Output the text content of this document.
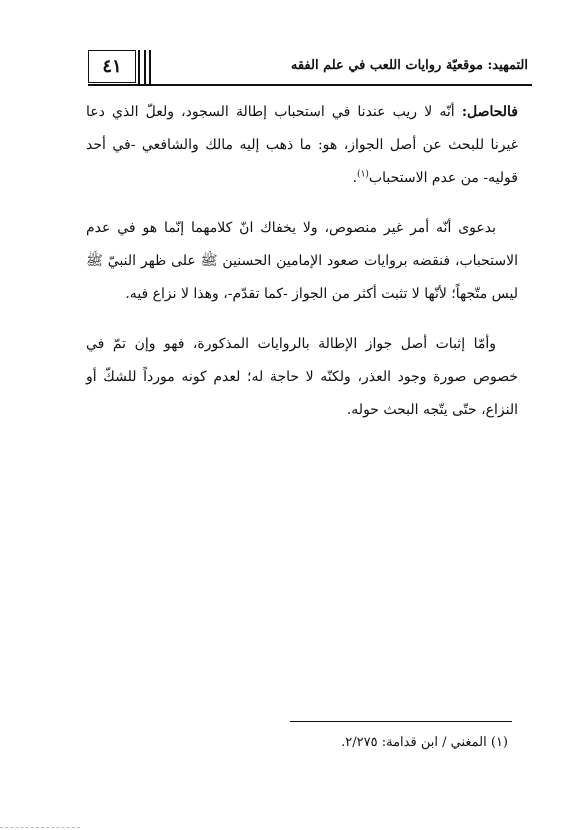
٤١	التمهيد: موقعيّة روايات اللعب في علم الفقه

فالحاصل: أنّه لا ريب عندنا في استحباب إطالة السجود، ولعلّ الذي دعا غيرنا للبحث عن أصل الجواز، هو: ما ذهب إليه مالك والشافعي -في أحد قوليه- من عدم الاستحباب$^{(١)}$.

بدعوى أنّه أمر غير منصوص، ولا يخفاك انّ كلامهما إنّما هو في عدم الاستحباب، فنقضه بروايات صعود الإمامين الحسنين ﷺ على ظهر النبيّ ﷺ ليس متّجهاً؛ لأنّها لا تثبت أكثر من الجواز -كما تقدّم-، وهذا لا نزاع فيه.

وأمّا إثبات أصل جواز الإطالة بالروايات المذكورة، فهو وإن تمّ في خصوص صورة وجود العذر، ولكنّه لا حاجة له؛ لعدم كونه مورداً للشكّ أو النزاع، حتّى يتّجه البحث حوله.

(١) المغني / ابن قدامة: ٢/٢٧٥.
